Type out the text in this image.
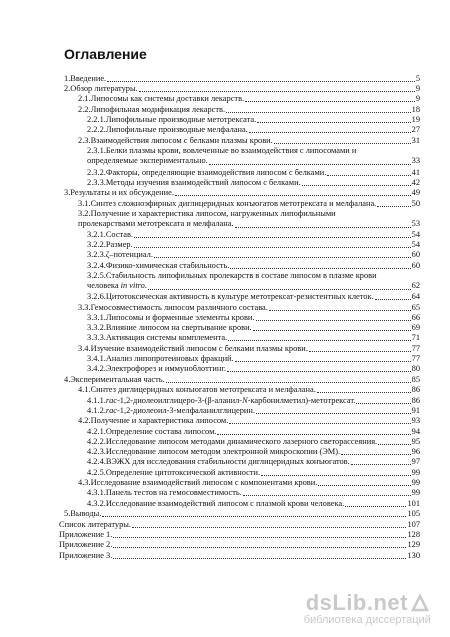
Оглавление
1.Введение.	5
2.Обзор литературы.	9
2.1.Липосомы как системы доставки лекарств.	9
2.2.Липофильная модификация лекарств.	18
2.2.1.Липофильные производные метотрексата.	19
2.2.2.Липофильные производные мелфалана.	27
2.3.Взаимодействия липосом с белками плазмы крови.	31
2.3.1.Белки плазмы крови, вовлеченные во взаимодействия с липосомами и
определяемые экспериментально.	33
2.3.2.Факторы, определяющие взаимодействия липосом с белками.	41
2.3.3.Методы изучения взаимодействий липосом с белками.	42
3.Результаты и их обсуждение.	49
3.1.Синтез сложноэфирных диглицеридных конъюгатов метотрексата и мелфалана.	50
3.2.Получение и характеристика липосом, нагруженных липофильными
пролекарствами метотрексата и мелфалана.	53
3.2.1.Состав.	54
3.2.2.Размер.	54
3.2.3.ζ–потенциал.	60
3.2.4.Физико-химическая стабильность.	60
3.2.5.Стабильность липофильных пролекарств в составе липосом в плазме крови
человека in vitro.	62
3.2.6.Цитотоксическая активность в культуре метотрексат-резистентных клеток.	64
3.3.Гемосовместимость липосом различного состава.	65
3.3.1.Липосомы и форменные элементы крови.	66
3.3.2.Влияние липосом на свертывание крови.	69
3.3.3.Активация системы комплемента.	71
3.4.Изучение взаимодействий липосом с белками плазмы крови.	77
3.4.1.Анализ липопротеиновых фракций.	77
3.4.2.Электрофорез и иммуноблоттинг.	80
4.Экспериментальная часть.	85
4.1.Синтез диглицеридных конъюгатов метотрексата и мелфалана.	86
4.1.1.rac-1,2-диолеоилглицеро-3-(β-аланил-N-карбонилметил)-метотрексат.	86
4.1.2.rac-1,2-диолеоил-3-мелфаланилглицерин.	91
4.2.Получение и характеристика липосом.	93
4.2.1.Определение состава липосом.	94
4.2.2.Исследование липосом методами динамического лазерного светорассеяния.	95
4.2.3.Исследование липосом методом электронной микроскопии (ЭМ).	96
4.2.4.ВЭЖХ для исследования стабильности диглицеридных конъюгатов.	97
4.2.5.Определение цитотоксической активности.	99
4.3.Исследование взаимодействий липосом с компонентами крови.	99
4.3.1.Панель тестов на гемосовместимость.	99
4.3.2.Исследование взаимодействий липосом с плазмой крови человека.	101
5.Выводы.	105
Список литературы.	107
Приложение 1.	128
Приложение 2.	129
Приложение 3.	130
dsLib.net
библиотека диссертаций
